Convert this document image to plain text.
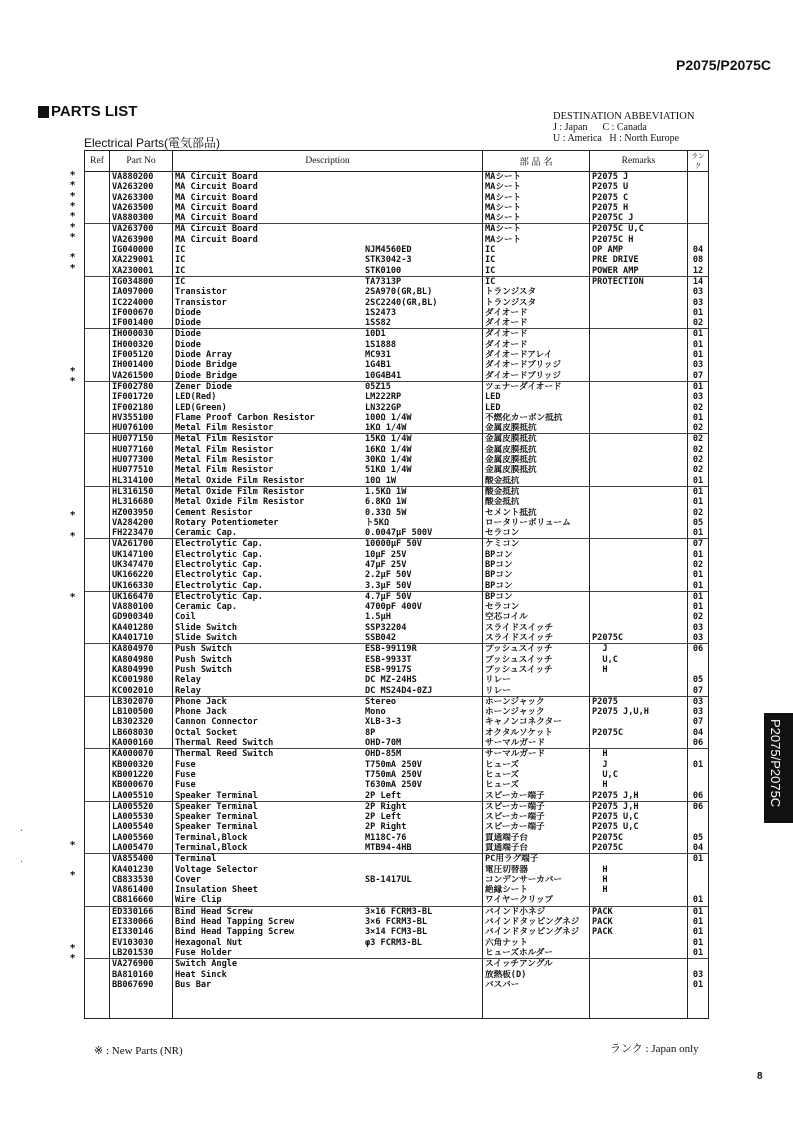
P2075/P2075C
PARTS LIST	DESTINATION ABBEVIATION
J : Japan      C : Canada
U : America   H : North Europe
Electrical Parts(電気部品)
Ref	Part No	Description	部 品 名	Remarks	ランク
	VA880200	MA Circuit Board	MAシート	P2075 J	
	VA263200	MA Circuit Board	MAシート	P2075 U	
	VA263300	MA Circuit Board	MAシート	P2075 C	
	VA263500	MA Circuit Board	MAシート	P2075 H	
	VA880300	MA Circuit Board	MAシート	P2075C J	
	VA263700	MA Circuit Board	MAシート	P2075C U,C	
	VA263900	MA Circuit Board	MAシート	P2075C H	
	IG040000	IC NJM4560ED	IC	OP AMP	04
	XA229001	IC STK3042-3	IC	PRE DRIVE	08
	XA230001	IC STK0100	IC	POWER AMP	12
	IG034800	IC TA7313P	IC	PROTECTION	14
	IA097000	Transistor 2SA970(GR,BL)	トランジスタ		03
	IC224000	Transistor 2SC2240(GR,BL)	トランジスタ		03
	IF000670	Diode 1S2473	ダイオード		01
	IF001400	Diode 1SS82	ダイオード		02
	IH000030	Diode 10D1	ダイオード		01
	IH000320	Diode 1S1888	ダイオード		01
	IF005120	Diode Array MC931	ダイオードアレイ		01
	IH001400	Diode Bridge 1G4B1	ダイオードブリッジ		03
	VA261500	Diode Bridge 10G4B41	ダイオードブリッジ		07
	IF002780	Zener Diode 05Z15	ツェナーダイオード		01
	IF001720	LED(Red) LM222RP	LED		03
	IF002180	LED(Green) LN322GP	LED		02
	HV355100	Flame Proof Carbon Resistor 100Ω 1/4W	不燃化カーボン抵抗		01
	HU076100	Metal Film Resistor 1KΩ 1/4W	金属皮膜抵抗		02
	HU077150	Metal Film Resistor 15KΩ 1/4W	金属皮膜抵抗		02
	HU077160	Metal Film Resistor 16KΩ 1/4W	金属皮膜抵抗		02
	HU077300	Metal Film Resistor 30KΩ 1/4W	金属皮膜抵抗		02
	HU077510	Metal Film Resistor 51KΩ 1/4W	金属皮膜抵抗		02
	HL314100	Metal Oxide Film Resistor 10Ω 1W	酸金抵抗		01
	HL316150	Metal Oxide Film Resistor 1.5KΩ 1W	酸金抵抗		01
	HL316680	Metal Oxide Film Resistor 6.8KΩ 1W	酸金抵抗		01
	HZ003950	Cement Resistor 0.33Ω 5W	セメント抵抗		02
	VA284200	Rotary Potentiometer ト5KΩ	ロータリーボリューム		05
	FH223470	Ceramic Cap. 0.0047μF 500V	セラコン		01
	VA261700	Electrolytic Cap. 10000μF 50V	ケミコン		07
	UK147100	Electrolytic Cap. 10μF 25V	BPコン		01
	UK347470	Electrolytic Cap. 47μF 25V	BPコン		02
	UK166220	Electrolytic Cap. 2.2μF 50V	BPコン		01
	UK166330	Electrolytic Cap. 3.3μF 50V	BPコン		01
	UK166470	Electrolytic Cap. 4.7μF 50V	BPコン		01
	VA880100	Ceramic Cap. 4700pF 400V	セラコン		01
	GD900340	Coil 1.5μH	空芯コイル		02
	KA401280	Slide Switch SSP32204	スライドスイッチ		03
	KA401710	Slide Switch SSB042	スライドスイッチ	P2075C	03
	KA804970	Push Switch ESB-99119R	プッシュスイッチ	J	06
	KA804980	Push Switch ESB-9933T	プッシュスイッチ	U,C	
	KA804990	Push Switch ESB-9917S	プッシュスイッチ	H	
	KC001980	Relay DC MZ-24HS	リレー		05
	KC002010	Relay DC MS24D4-0ZJ	リレー		07
	LB302070	Phone Jack Stereo	ホーンジャック	P2075	03
	LB100500	Phone Jack Mono	ホーンジャック	P2075 J,U,H	03
	LB302320	Cannon Connector XLB-3-3	キャノンコネクター		07
	LB608030	Octal Socket 8P	オクタルソケット	P2075C	04
	KA000160	Thermal Reed Switch OHD-70M	サーマルガード		06
	KA000070	Thermal Reed Switch OHD-85M	サーマルガード	H	
	KB000320	Fuse T750mA 250V	ヒューズ	J	01
	KB001220	Fuse T750mA 250V	ヒューズ	U,C	
	KB000670	Fuse T630mA 250V	ヒューズ	H	
	LA005510	Speaker Terminal 2P Left	スピーカー端子	P2075 J,H	06
	LA005520	Speaker Terminal 2P Right	スピーカー端子	P2075 J,H	06
	LA005530	Speaker Terminal 2P Left	スピーカー端子	P2075 U,C	
	LA005540	Speaker Terminal 2P Right	スピーカー端子	P2075 U,C	
	LA005560	Terminal,Block M118C-76	貫通端子台	P2075C	05
	LA005470	Terminal,Block MTB94-4HB	貫通端子台	P2075C	04
	VA855400	Terminal	PC用ラグ端子		01
	KA401230	Voltage Selector	電圧切替器	H	
	CB833530	Cover SB-1417UL	コンデンサーカバー	H	
	VA861400	Insulation Sheet	絶縁シート	H	
	CB816660	Wire Clip	ワイヤークリップ		01
	ED330166	Bind Head Screw 3×16 FCRM3-BL	バインド小ネジ	PACK	01
	EI330066	Bind Head Tapping Screw 3×6 FCRM3-BL	バインドタッピングネジ	PACK	01
	EI330146	Bind Head Tapping Screw 3×14 FCM3-BL	バインドタッピングネジ	PACK	01
	EV103030	Hexagonal Nut φ3 FCRM3-BL	六角ナット		01
	LB201530	Fuse Holder	ヒューズホルダー		01
	VA276900	Switch Angle	スイッチアングル		
	BA810160	Heat Sinck	放熱板(D)		03
	BB067690	Bus Bar	バスバー		01
*
*
*
*
*
*
*
*
*
*
*
*
*
*
*
*
*
*
※ : New Parts (NR)	ランク : Japan only
8
P2075/P2075C
·
·
